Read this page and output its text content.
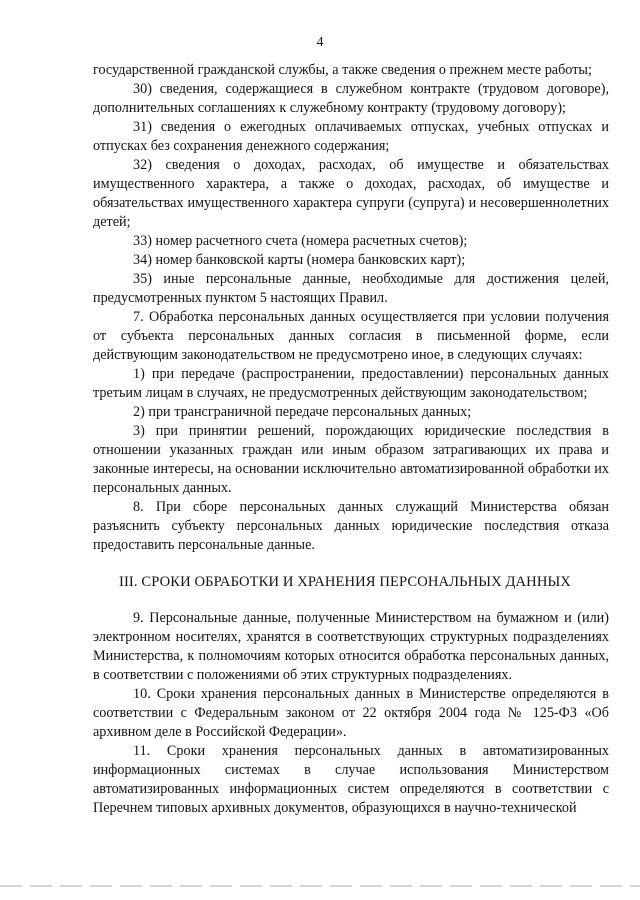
4

государственной гражданской службы, а также сведения о прежнем месте работы;

30) сведения, содержащиеся в служебном контракте (трудовом договоре), дополнительных соглашениях к служебному контракту (трудовому договору);

31) сведения о ежегодных оплачиваемых отпусках, учебных отпусках и отпусках без сохранения денежного содержания;

32) сведения о доходах, расходах, об имуществе и обязательствах имущественного характера, а также о доходах, расходах, об имуществе и обязательствах имущественного характера супруги (супруга) и несовершеннолетних детей;

33) номер расчетного счета (номера расчетных счетов);

34) номер банковской карты (номера банковских карт);

35) иные персональные данные, необходимые для достижения целей, предусмотренных пунктом 5 настоящих Правил.

7. Обработка персональных данных осуществляется при условии получения от субъекта персональных данных согласия в письменной форме, если действующим законодательством не предусмотрено иное, в следующих случаях:

1) при передаче (распространении, предоставлении) персональных данных третьим лицам в случаях, не предусмотренных действующим законодательством;

2) при трансграничной передаче персональных данных;

3) при принятии решений, порождающих юридические последствия в отношении указанных граждан или иным образом затрагивающих их права и законные интересы, на основании исключительно автоматизированной обработки их персональных данных.

8. При сборе персональных данных служащий Министерства обязан разъяснить субъекту персональных данных юридические последствия отказа предоставить персональные данные.

III. СРОКИ ОБРАБОТКИ И ХРАНЕНИЯ ПЕРСОНАЛЬНЫХ ДАННЫХ

9. Персональные данные, полученные Министерством на бумажном и (или) электронном носителях, хранятся в соответствующих структурных подразделениях Министерства, к полномочиям которых относится обработка персональных данных, в соответствии с положениями об этих структурных подразделениях.

10. Сроки хранения персональных данных в Министерстве определяются в соответствии с Федеральным законом от 22 октября 2004 года № 125-ФЗ «Об архивном деле в Российской Федерации».

11. Сроки хранения персональных данных в автоматизированных информационных системах в случае использования Министерством автоматизированных информационных систем определяются в соответствии с Перечнем типовых архивных документов, образующихся в научно-технической
